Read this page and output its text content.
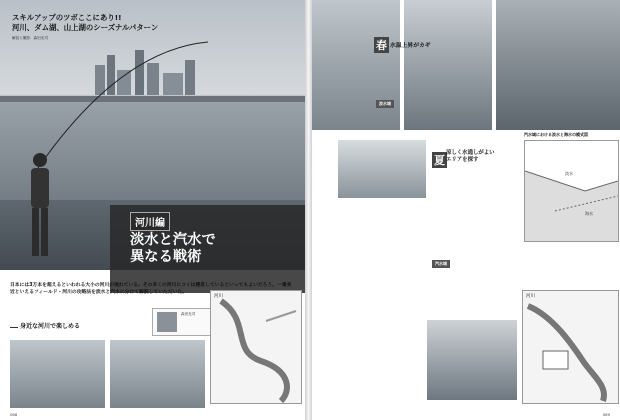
スキルアップのツボここにあり!!
河川、ダム湖、山上湖のシーズナルパターン
解説と撮影：森田光司
河川編
淡水と汽水で
異なる戦術
日本には3万本を超えるといわれる大小の河川が流れている。その多くの河川にコイは棲息しているといってもよいだろう。一番身近といえるフィールド・河川の攻略法を淡水と汽水に分けて解説していただいた。
身近な河川で楽しめる
森田光司
河川
068
春 水温上昇がカギ
淡水域
夏
涼しく水通しがよい
エリアを探す
汽水域
汽水域における淡水と海水の模式図
淡水
海水
河川
069
